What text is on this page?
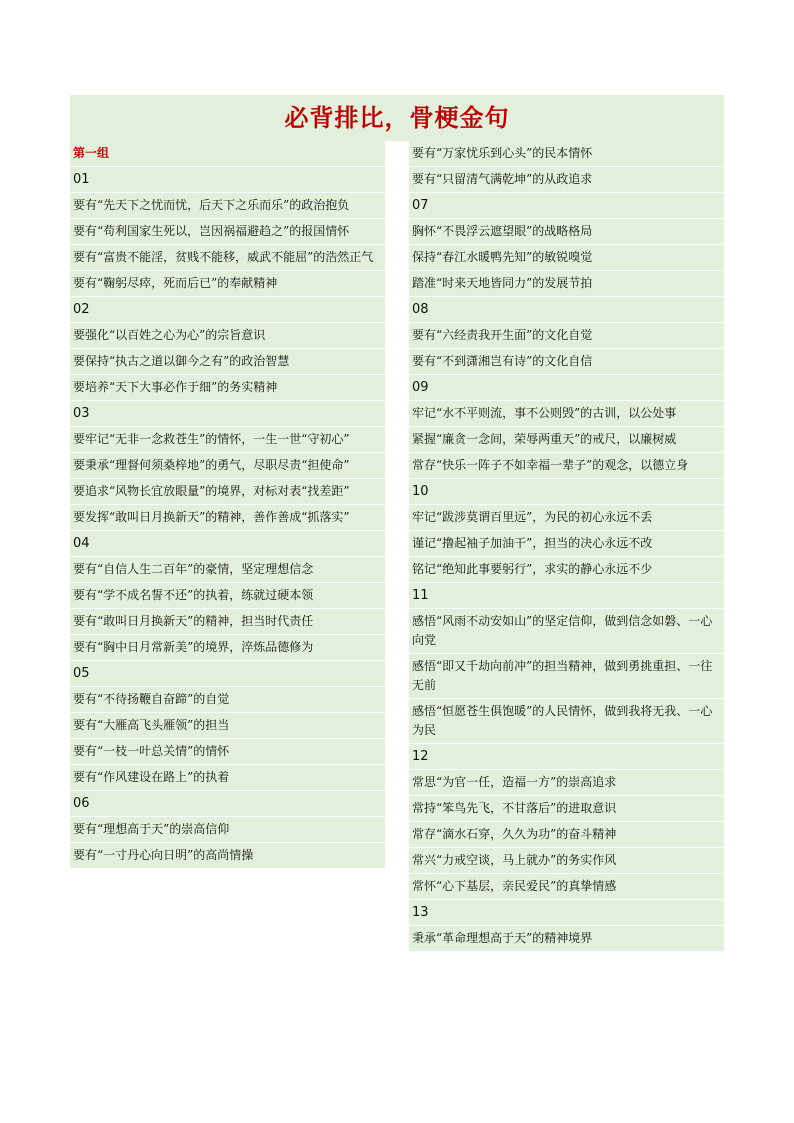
必背排比，骨梗金句
第一组
01
要有“先天下之忧而忧，后天下之乐而乐”的政治抱负
要有“苟利国家生死以，岂因祸福避趋之”的报国情怀
要有“富贵不能淫，贫贱不能移，威武不能屈”的浩然正气
要有“鞠躬尽瘁，死而后已”的奉献精神
02
要强化“以百姓之心为心”的宗旨意识
要保持“执古之道以御今之有”的政治智慧
要培养“天下大事必作于细”的务实精神
03
要牢记“无非一念救苍生”的情怀，一生一世“守初心”
要秉承“理督何须桑梓地”的勇气，尽职尽责“担使命”
要追求“风物长宜放眼量”的境界，对标对表“找差距”
要发挥“敢叫日月换新天”的精神，善作善成“抓落实”
04
要有“自信人生二百年”的豪情，坚定理想信念
要有“学不成名誓不还”的执着，练就过硬本领
要有“敢叫日月换新天”的精神，担当时代责任
要有“胸中日月常新美”的境界，淬炼品德修为
05
要有“不待扬鞭自奋蹄”的自觉
要有“大雁高飞头雁领”的担当
要有“一枝一叶总关情”的情怀
要有“作风建设在路上”的执着
06
要有“理想高于天”的崇高信仰
要有“一寸丹心向日明”的高尚情操
要有“万家忧乐到心头”的民本情怀
要有“只留清气满乾坤”的从政追求
07
胸怀“不畏浮云遮望眼”的战略格局
保持“春江水暖鸭先知”的敏锐嗅觉
踏准“时来天地皆同力”的发展节拍
08
要有“六经责我开生面”的文化自觉
要有“不到潇湘岂有诗”的文化自信
09
牢记“水不平则流，事不公则毁”的古训，以公处事
紧握“廉贪一念间，荣辱两重天”的戒尺，以廉树威
常存“快乐一阵子不如幸福一辈子”的观念，以德立身
10
牢记“跋涉莫谓百里远”，为民的初心永远不丢
谨记“撸起袖子加油干”，担当的决心永远不改
铭记“绝知此事要躬行”，求实的静心永远不少
11
感悟“风雨不动安如山”的坚定信仰，做到信念如磐、一心向党
感悟“即又千劫向前冲”的担当精神，做到勇挑重担、一往无前
感悟“恒愿苍生俱饱暖”的人民情怀，做到我将无我、一心为民
12
常思“为官一任，造福一方”的崇高追求
常持“笨鸟先飞，不甘落后”的进取意识
常存“滴水石穿，久久为功”的奋斗精神
常兴“力戒空谈，马上就办”的务实作风
常怀“心下基层，亲民爱民”的真挚情感
13
秉承“革命理想高于天”的精神境界
